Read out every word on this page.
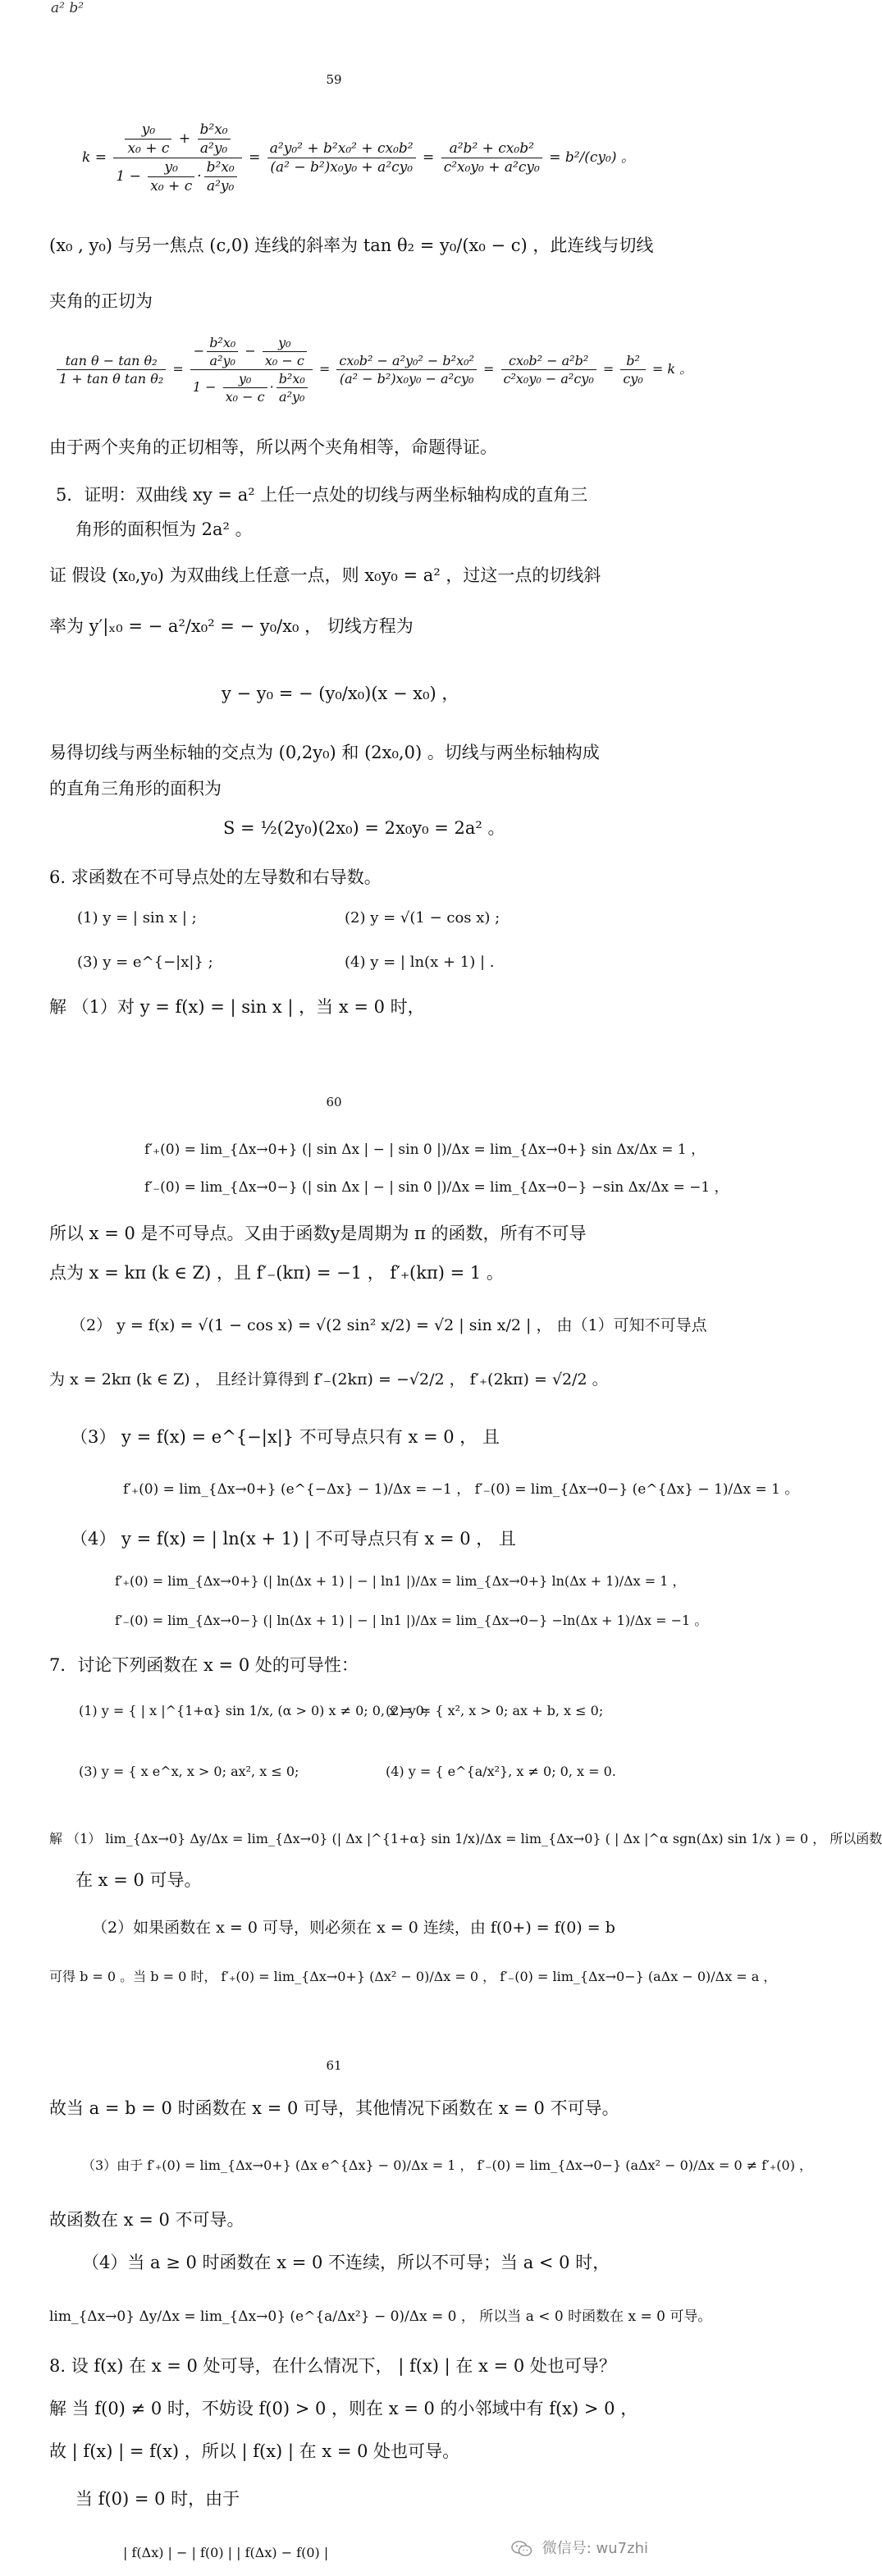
a² b²
59
$k = \frac{\frac{\text{y₀}}{\text{x₀ + c}} + \frac{\text{b²x₀}}{\text{a²y₀}}}{1 - \frac{\text{y₀}}{\text{x₀ + c}} \cdot \frac{\text{b²x₀}}{\text{a²y₀}}} = \frac{\text{a²y₀² + b²x₀² + cx₀b²}}{\text{(a² − b²)x₀y₀ + a²cy₀}} = \frac{\text{a²b² + cx₀b²}}{\text{c²x₀y₀ + a²cy₀}} = b^2/(cy_0)$ 。
(x₀ , y₀) 与另一焦点 (c,0) 连线的斜率为 tan θ₂ = y₀/(x₀ − c) ，此连线与切线
夹角的正切为
$\frac{\text{tan θ − tan θ₂}}{\text{1 + tan θ tan θ₂}} = \frac{- \frac{\text{b²x₀}}{\text{a²y₀}} - \frac{\text{y₀}}{\text{x₀ − c}}}{1 - \frac{\text{y₀}}{\text{x₀ − c}} \cdot \frac{\text{b²x₀}}{\text{a²y₀}}} = \frac{\text{cx₀b² − a²y₀² − b²x₀²}}{\text{(a² − b²)x₀y₀ − a²cy₀}} = \frac{\text{cx₀b² − a²b²}}{\text{c²x₀y₀ − a²cy₀}} = \frac{\text{b²}}{\text{cy₀}} = k$ 。
由于两个夹角的正切相等，所以两个夹角相等，命题得证。
5．证明：双曲线 xy = a² 上任一点处的切线与两坐标轴构成的直角三
角形的面积恒为 2a² 。
证 假设 (x₀,y₀) 为双曲线上任意一点，则 x₀y₀ = a² ，过这一点的切线斜
率为 y′|ₓ₀ = − a²/x₀² = − y₀/x₀ ， 切线方程为
y − y₀ = − (y₀/x₀)(x − x₀) ，
易得切线与两坐标轴的交点为 (0,2y₀) 和 (2x₀,0) 。切线与两坐标轴构成
的直角三角形的面积为
S = ½(2y₀)(2x₀) = 2x₀y₀ = 2a² 。
6. 求函数在不可导点处的左导数和右导数。
(1) y = | sin x | ;	(2) y = √(1 − cos x) ;
(3) y = e^{−|x|} ;	(4) y = | ln(x + 1) | .
解 （1）对 y = f(x) = | sin x | ，当 x = 0 时，
60
f′₊(0) = lim_{Δx→0+} (| sin Δx | − | sin 0 |)/Δx = lim_{Δx→0+} sin Δx/Δx = 1 ，
f′₋(0) = lim_{Δx→0−} (| sin Δx | − | sin 0 |)/Δx = lim_{Δx→0−} −sin Δx/Δx = −1 ，
所以 x = 0 是不可导点。又由于函数y是周期为 π 的函数，所有不可导
点为 x = kπ (k ∈ Z) ，且 f′₋(kπ) = −1 ， f′₊(kπ) = 1 。
（2） y = f(x) = √(1 − cos x) = √(2 sin² x/2) = √2 | sin x/2 | ， 由（1）可知不可导点
为 x = 2kπ (k ∈ Z) ， 且经计算得到 f′₋(2kπ) = −√2/2 ， f′₊(2kπ) = √2/2 。
（3） y = f(x) = e^{−|x|} 不可导点只有 x = 0 ， 且
f′₊(0) = lim_{Δx→0+} (e^{−Δx} − 1)/Δx = −1 ， f′₋(0) = lim_{Δx→0−} (e^{Δx} − 1)/Δx = 1 。
（4） y = f(x) = | ln(x + 1) | 不可导点只有 x = 0 ， 且
f′₊(0) = lim_{Δx→0+} (| ln(Δx + 1) | − | ln1 |)/Δx = lim_{Δx→0+} ln(Δx + 1)/Δx = 1 ，
f′₋(0) = lim_{Δx→0−} (| ln(Δx + 1) | − | ln1 |)/Δx = lim_{Δx→0−} −ln(Δx + 1)/Δx = −1 。
7．讨论下列函数在 x = 0 处的可导性：
(1) y = { | x |^{1+α} sin 1/x, (α > 0) x ≠ 0; 0, x = 0;
(2) y = { x², x > 0; ax + b, x ≤ 0;
(3) y = { x e^x, x > 0; ax², x ≤ 0;	(4) y = { e^{a/x²}, x ≠ 0; 0, x = 0.
解 （1） lim_{Δx→0} Δy/Δx = lim_{Δx→0} (| Δx |^{1+α} sin 1/x)/Δx = lim_{Δx→0} ( | Δx |^α sgn(Δx) sin 1/x ) = 0 ， 所以函数
在 x = 0 可导。
（2）如果函数在 x = 0 可导，则必须在 x = 0 连续，由 f(0+) = f(0) = b
可得 b = 0 。当 b = 0 时， f′₊(0) = lim_{Δx→0+} (Δx² − 0)/Δx = 0 ， f′₋(0) = lim_{Δx→0−} (aΔx − 0)/Δx = a ，
61
故当 a = b = 0 时函数在 x = 0 可导，其他情况下函数在 x = 0 不可导。
（3）由于 f′₊(0) = lim_{Δx→0+} (Δx e^{Δx} − 0)/Δx = 1 ， f′₋(0) = lim_{Δx→0−} (aΔx² − 0)/Δx = 0 ≠ f′₊(0) ，
故函数在 x = 0 不可导。
（4）当 a ≥ 0 时函数在 x = 0 不连续，所以不可导；当 a < 0 时，
lim_{Δx→0} Δy/Δx = lim_{Δx→0} (e^{a/Δx²} − 0)/Δx = 0 ， 所以当 a < 0 时函数在 x = 0 可导。
8. 设 f(x) 在 x = 0 处可导，在什么情况下， | f(x) | 在 x = 0 处也可导？
解 当 f(0) ≠ 0 时，不妨设 f(0) > 0 ，则在 x = 0 的小邻域中有 f(x) > 0 ，
故 | f(x) | = f(x) ，所以 | f(x) | 在 x = 0 处也可导。
当 f(0) = 0 时，由于
| f(Δx) | − | f(0) | | f(Δx) − f(0) |	微信号: wu7zhi
